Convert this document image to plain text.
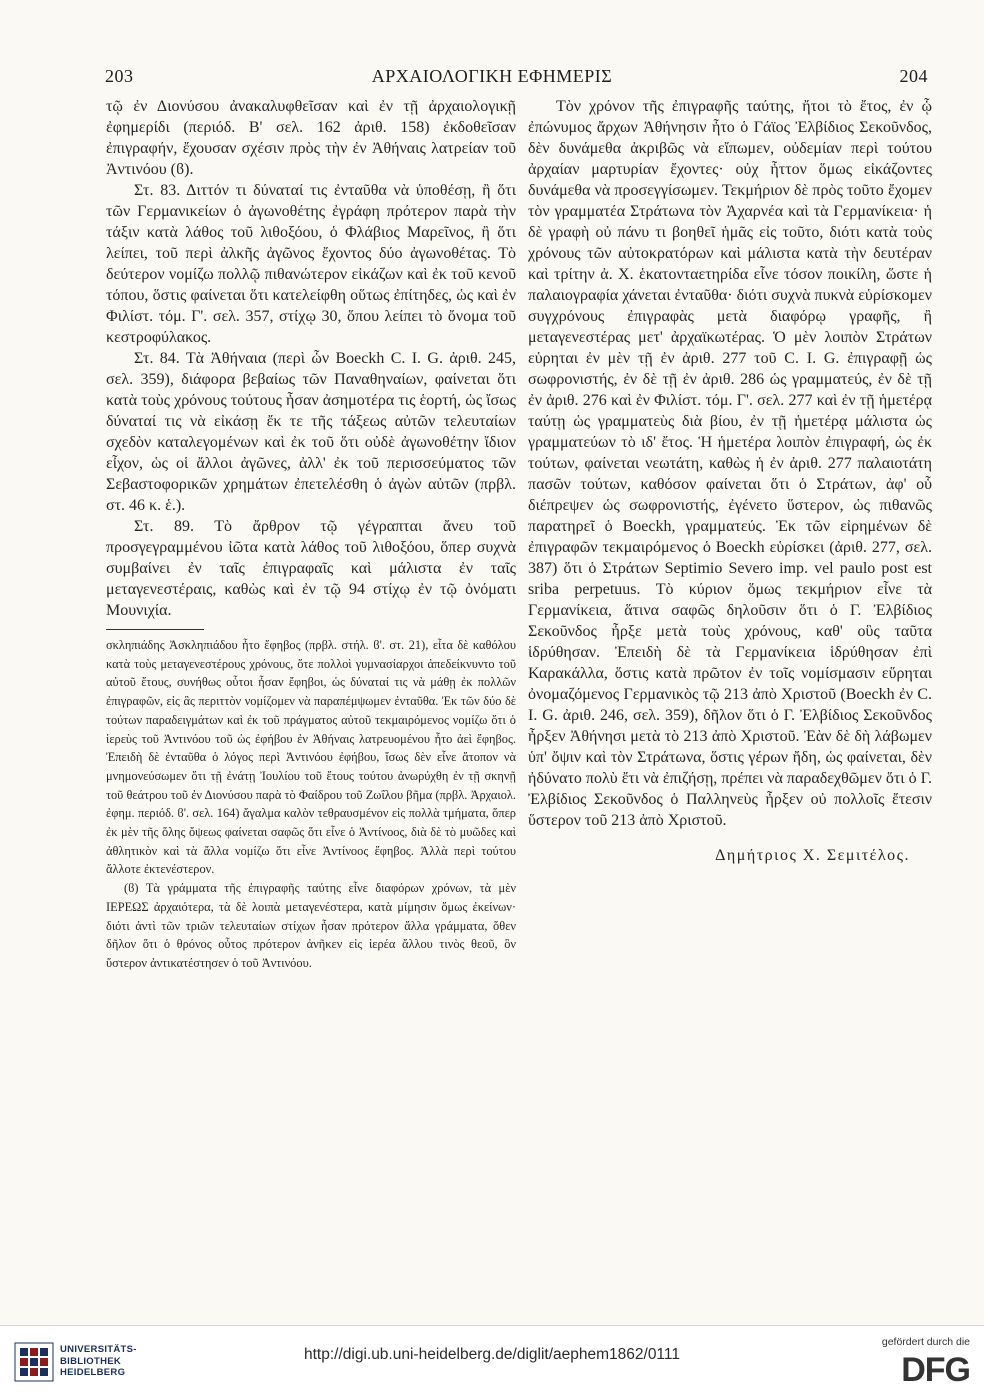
203	ΑΡΧΑΙΟΛΟΓΙΚΗ ΕΦΗΜΕΡΙΣ	204

τῷ ἐν Διονύσου ἀνακαλυφθεῖσαν καὶ ἐν τῇ ἀρχαιολογικῇ ἐφημερίδι (περιόδ. Β' σελ. 162 ἀριθ. 158) ἐκδοθεῖσαν ἐπιγραφήν, ἔχουσαν σχέσιν πρὸς τὴν ἐν Ἀθήναις λατρείαν τοῦ Ἀντινόου (ϐ).

Στ. 83. Διττόν τι δύναταί τις ἐνταῦθα νὰ ὑποθέσῃ, ἢ ὅτι τῶν Γερμανικείων ὁ ἀγωνοθέτης ἐγράφη πρότερον παρὰ τὴν τάξιν κατὰ λάθος τοῦ λιθοξόου, ὁ Φλάβιος Μαρεῖνος, ἢ ὅτι λείπει, τοῦ περὶ ἀλκῆς ἀγῶνος ἔχοντος δύο ἀγωνοθέτας. Τὸ δεύτερον νομίζω πολλῷ πιθανώτερον εἰκάζων καὶ ἐκ τοῦ κενοῦ τόπου, ὅστις φαίνεται ὅτι κατελείφθη οὕτως ἐπίτηδες, ὡς καὶ ἐν Φιλίστ. τόμ. Γ'. σελ. 357, στίχῳ 30, ὅπου λείπει τὸ ὄνομα τοῦ κεστροφύλακος.

Στ. 84. Τὰ Ἀθήναια (περὶ ὧν Boeckh C. I. G. ἀριθ. 245, σελ. 359), διάφορα βεβαίως τῶν Παναθηναίων, φαίνεται ὅτι κατὰ τοὺς χρόνους τούτους ἦσαν ἀσημοτέρα τις ἑορτή, ὡς ἴσως δύναταί τις νὰ εἰκάσῃ ἔκ τε τῆς τάξεως αὐτῶν τελευταίων σχεδὸν καταλεγομένων καὶ ἐκ τοῦ ὅτι οὐδὲ ἀγωνοθέτην ἴδιον εἶχον, ὡς οἱ ἄλλοι ἀγῶνες, ἀλλ' ἐκ τοῦ περισσεύματος τῶν Σεβαστοφορικῶν χρημάτων ἐπετελέσθη ὁ ἀγὼν αὐτῶν (πρβλ. στ. 46 κ. ἑ.).

Στ. 89. Τὸ ἄρθρον τῷ γέγραπται ἄνευ τοῦ προσγεγραμμένου ἰῶτα κατὰ λάθος τοῦ λιθοξόου, ὅπερ συχνὰ συμβαίνει ἐν ταῖς ἐπιγραφαῖς καὶ μάλιστα ἐν ταῖς μεταγενεστέραις, καθὼς καὶ ἐν τῷ 94 στίχῳ ἐν τῷ ὀνόματι Μουνιχία.

σκληπιάδης Ἀσκληπιάδου ἦτο ἔφηβος (πρβλ. στήλ. ϐ'. στ. 21), εἶτα δὲ καθόλου κατὰ τοὺς μεταγενεστέρους χρόνους, ὅτε πολλοὶ γυμνασίαρχοι ἀπεδείκνυντο τοῦ αὐτοῦ ἔτους, συνήθως οὗτοι ἦσαν ἔφηβοι, ὡς δύναταί τις νὰ μάθῃ ἐκ πολλῶν ἐπιγραφῶν, εἰς ἃς περιττὸν νομίζομεν νὰ παραπέμψωμεν ἐνταῦθα. Ἐκ τῶν δύο δὲ τούτων παραδειγμάτων καὶ ἐκ τοῦ πράγματος αὐτοῦ τεκμαιρόμενος νομίζω ὅτι ὁ ἱερεὺς τοῦ Ἀντινόου τοῦ ὡς ἐφήβου ἐν Ἀθήναις λατρευομένου ἦτο ἀεὶ ἔφηβος. Ἐπειδὴ δὲ ἐνταῦθα ὁ λόγος περὶ Ἀντινόου ἐφήβου, ἴσως δὲν εἶνε ἄτοπον νὰ μνημονεύσωμεν ὅτι τῇ ἐνάτῃ Ἰουλίου τοῦ ἔτους τούτου ἀνωρύχθη ἐν τῇ σκηνῇ τοῦ θεάτρου τοῦ ἐν Διονύσου παρὰ τὸ Φαίδρου τοῦ Ζωΐλου βῆμα (πρβλ. Ἀρχαιολ. ἐφημ. περιόδ. ϐ'. σελ. 164) ἄγαλμα καλὸν τεθραυσμένον εἰς πολλὰ τμήματα, ὅπερ ἐκ μὲν τῆς ὅλης ὄψεως φαίνεται σαφῶς ὅτι εἶνε ὁ Ἀντίνοος, διὰ δὲ τὸ μυῶδες καὶ ἀθλητικὸν καὶ τὰ ἄλλα νομίζω ὅτι εἶνε Ἀντίνοος ἔφηβος. Ἀλλὰ περὶ τούτου ἄλλοτε ἐκτενέστερον.

(ϐ) Τὰ γράμματα τῆς ἐπιγραφῆς ταύτης εἶνε διαφόρων χρόνων, τὰ μὲν ΙΕΡΕΩΣ ἀρχαιότερα, τὰ δὲ λοιπὰ μεταγενέστερα, κατὰ μίμησιν ὅμως ἐκείνων· διότι ἀντὶ τῶν τριῶν τελευταίων στίχων ἦσαν πρότερον ἄλλα γράμματα, ὅθεν δῆλον ὅτι ὁ θρόνος οὗτος πρότερον ἀνῆκεν εἰς ἱερέα ἄλλου τινὸς θεοῦ, ὃν ὕστερον ἀντικατέστησεν ὁ τοῦ Ἀντινόου.

Τὸν χρόνον τῆς ἐπιγραφῆς ταύτης, ἤτοι τὸ ἔτος, ἐν ᾧ ἐπώνυμος ἄρχων Ἀθήνησιν ἦτο ὁ Γάϊος Ἐλβίδιος Σεκοῦνδος, δὲν δυνάμεθα ἀκριβῶς νὰ εἴπωμεν, οὐδεμίαν περὶ τούτου ἀρχαίαν μαρτυρίαν ἔχοντες· οὐχ ἧττον ὅμως εἰκάζοντες δυνάμεθα νὰ προσεγγίσωμεν. Τεκμήριον δὲ πρὸς τοῦτο ἔχομεν τὸν γραμματέα Στράτωνα τὸν Ἀχαρνέα καὶ τὰ Γερμανίκεια· ἡ δὲ γραφὴ οὐ πάνυ τι βοηθεῖ ἡμᾶς εἰς τοῦτο, διότι κατὰ τοὺς χρόνους τῶν αὐτοκρατόρων καὶ μάλιστα κατὰ τὴν δευτέραν καὶ τρίτην ἀ. Χ. ἑκατονταετηρίδα εἶνε τόσον ποικίλη, ὥστε ἡ παλαιογραφία χάνεται ἐνταῦθα· διότι συχνὰ πυκνὰ εὑρίσκομεν συγχρόνους ἐπιγραφὰς μετὰ διαφόρῳ γραφῆς, ἢ μεταγενεστέρας μετ' ἀρχαϊκωτέρας. Ὁ μὲν λοιπὸν Στράτων εὑρηται ἐν μὲν τῇ ἐν ἀριθ. 277 τοῦ C. I. G. ἐπιγραφῇ ὡς σωφρονιστής, ἐν δὲ τῇ ἐν ἀριθ. 286 ὡς γραμματεύς, ἐν δὲ τῇ ἐν ἀριθ. 276 καὶ ἐν Φιλίστ. τόμ. Γ'. σελ. 277 καὶ ἐν τῇ ἡμετέρᾳ ταύτῃ ὡς γραμματεὺς διὰ βίου, ἐν τῇ ἡμετέρᾳ μάλιστα ὡς γραμματεύων τὸ ιδ' ἔτος. Ἡ ἡμετέρα λοιπὸν ἐπιγραφή, ὡς ἐκ τούτων, φαίνεται νεωτάτη, καθὼς ἡ ἐν ἀριθ. 277 παλαιοτάτη πασῶν τούτων, καθόσον φαίνεται ὅτι ὁ Στράτων, ἀφ' οὗ διέπρεψεν ὡς σωφρονιστής, ἐγένετο ὕστερον, ὡς πιθανῶς παρατηρεῖ ὁ Boeckh, γραμματεύς. Ἐκ τῶν εἰρημένων δὲ ἐπιγραφῶν τεκμαιρόμενος ὁ Boeckh εὑρίσκει (ἀριθ. 277, σελ. 387) ὅτι ὁ Στράτων Septimio Severo imp. vel paulo post est sriba perpetuus. Τὸ κύριον ὅμως τεκμήριον εἶνε τὰ Γερμανίκεια, ἅτινα σαφῶς δηλοῦσιν ὅτι ὁ Γ. Ἐλβίδιος Σεκοῦνδος ἦρξε μετὰ τοὺς χρόνους, καθ' οὓς ταῦτα ἱδρύθησαν. Ἐπειδὴ δὲ τὰ Γερμανίκεια ἱδρύθησαν ἐπὶ Καρακάλλα, ὅστις κατὰ πρῶτον ἐν τοῖς νομίσμασιν εὕρηται ὀνομαζόμενος Γερμανικὸς τῷ 213 ἀπὸ Χριστοῦ (Boeckh ἐν C. I. G. ἀριθ. 246, σελ. 359), δῆλον ὅτι ὁ Γ. Ἐλβίδιος Σεκοῦνδος ἦρξεν Ἀθήνησι μετὰ τὸ 213 ἀπὸ Χριστοῦ. Ἐὰν δὲ δὴ λάβωμεν ὑπ' ὄψιν καὶ τὸν Στράτωνα, ὅστις γέρων ἤδη, ὡς φαίνεται, δὲν ἠδύνατο πολὺ ἔτι νὰ ἐπιζήσῃ, πρέπει νὰ παραδεχθῶμεν ὅτι ὁ Γ. Ἐλβίδιος Σεκοῦνδος ὁ Παλληνεὺς ἦρξεν οὐ πολλοῖς ἔτεσιν ὕστερον τοῦ 213 ἀπὸ Χριστοῦ.

Δημήτριος Χ. Σεμιτέλος.
UNIVERSITÄTS-
BIBLIOTHEK
HEIDELBERG
http://digi.ub.uni-heidelberg.de/diglit/aephem1862/0111
gefördert durch die
DFG
